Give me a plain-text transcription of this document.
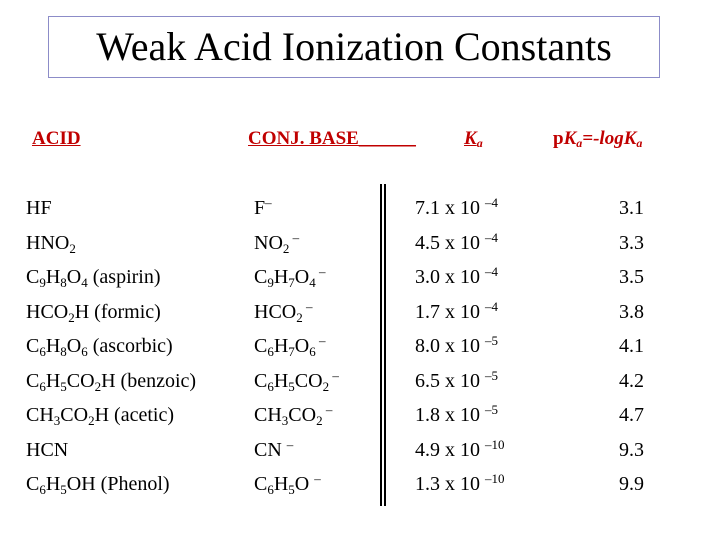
Weak Acid Ionization Constants
ACID	CONJ. BASE______	$K_a$	$pK_a=-\log K_a$
HF	F–	7.1 x 10 $^{-4}$	3.1
$HNO_2$	$NO_2$ –	4.5 x 10 $^{-4}$	3.3
$C_9H_8O_4$ (aspirin)	$C_9H_7O_4$ –	3.0 x 10 $^{-4}$	3.5
$HCO_2H$ (formic)	$HCO_2$ –	1.7 x 10 $^{-4}$	3.8
$C_6H_8O_6$ (ascorbic)	$C_6H_7O_6$ –	8.0 x 10 $^{-5}$	4.1
$C_6H_5CO_2H$ (benzoic)	$C_6H_5CO_2$ –	6.5 x 10 $^{-5}$	4.2
$CH_3CO_2H$ (acetic)	$CH_3CO_2$ –	1.8 x 10 $^{-5}$	4.7
HCN	CN –	4.9 x 10 $^{-10}$	9.3
$C_6H_5OH$ (Phenol)	$C_6H_5O$ –	1.3 x 10 $^{-10}$	9.9
